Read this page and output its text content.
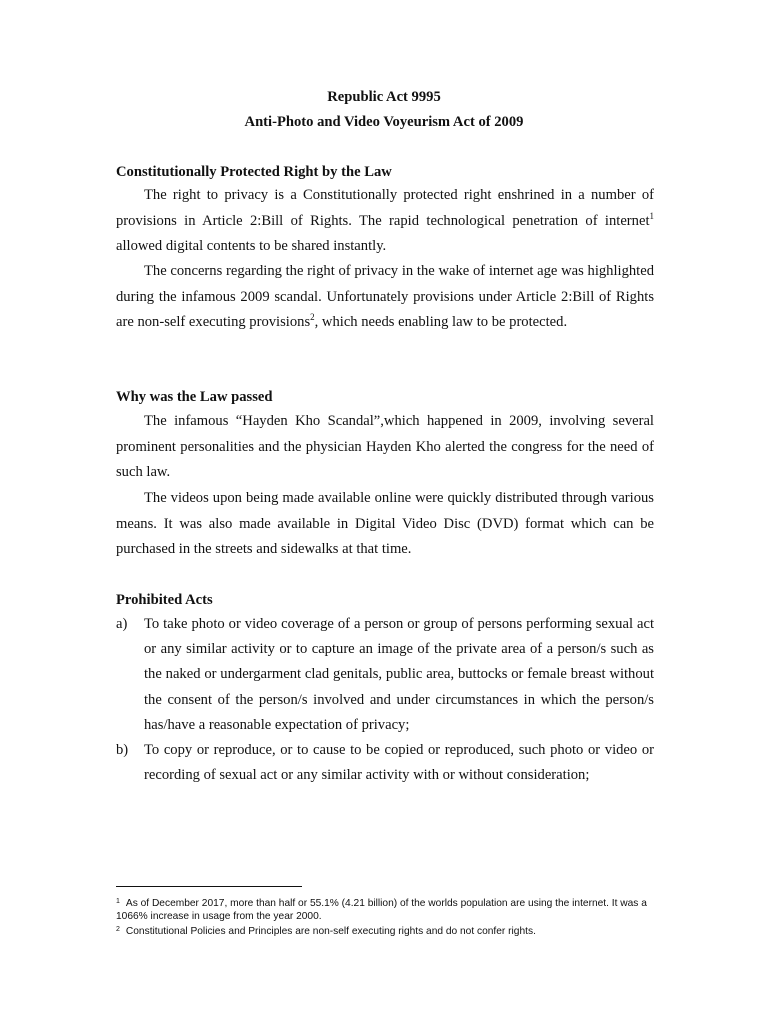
Republic Act 9995
Anti-Photo and Video Voyeurism Act of 2009
Constitutionally Protected Right by the Law

The right to privacy is a Constitutionally protected right enshrined in a number of provisions in Article 2:Bill of Rights. The rapid technological penetration of internet$^1$ allowed digital contents to be shared instantly.

The concerns regarding the right of privacy in the wake of internet age was highlighted during the infamous 2009 scandal. Unfortunately provisions under Article 2:Bill of Rights are non-self executing provisions$^2$, which needs enabling law to be protected.

Why was the Law passed

The infamous “Hayden Kho Scandal”,which happened in 2009, involving several prominent personalities and the physician Hayden Kho alerted the congress for the need of such law.

The videos upon being made available online were quickly distributed through various means. It was also made available in Digital Video Disc (DVD) format which can be purchased in the streets and sidewalks at that time.

Prohibited Acts
a) To take photo or video coverage of a person or group of persons performing sexual act or any similar activity or to capture an image of the private area of a person/s such as the naked or undergarment clad genitals, public area, buttocks or female breast without the consent of the person/s involved and under circumstances in which the person/s has/have a reasonable expectation of privacy;
b) To copy or reproduce, or to cause to be copied or reproduced, such photo or video or recording of sexual act or any similar activity with or without consideration;
$^1$ As of December 2017, more than half or 55.1% (4.21 billion) of the worlds population are using the internet. It was a 1066% increase in usage from the year 2000.
$^2$ Constitutional Policies and Principles are non-self executing rights and do not confer rights.
